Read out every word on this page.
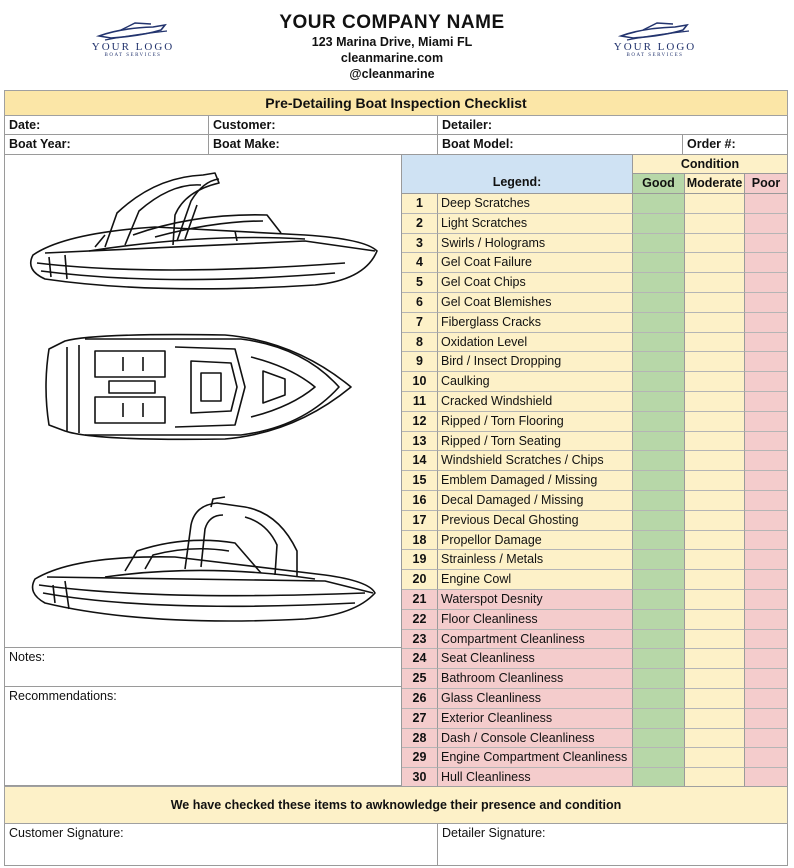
YOUR LOGO
BOAT SERVICES
YOUR COMPANY NAME
123 Marina Drive, Miami FL
cleanmarine.com
@cleanmarine
YOUR LOGO
BOAT SERVICES
Pre-Detailing Boat Inspection Checklist
Date:	Customer:	Detailer:
Boat Year:	Boat Make:	Boat Model:	Order #:
Legend:
Condition
Good Moderate Poor
1	Deep Scratches
2	Light Scratches
3	Swirls / Holograms
4	Gel Coat Failure
5	Gel Coat Chips
6	Gel Coat Blemishes
7	Fiberglass Cracks
8	Oxidation Level
9	Bird / Insect Dropping
10	Caulking
11	Cracked Windshield
12	Ripped / Torn Flooring
13	Ripped / Torn Seating
14	Windshield Scratches / Chips
15	Emblem Damaged / Missing
16	Decal Damaged / Missing
17	Previous Decal Ghosting
18	Propellor Damage
19	Strainless / Metals
20	Engine Cowl
21	Waterspot Desnity
22	Floor Cleanliness
23	Compartment Cleanliness
24	Seat Cleanliness
25	Bathroom Cleanliness
26	Glass Cleanliness
27	Exterior Cleanliness
28	Dash / Console Cleanliness
29	Engine Compartment Cleanliness
30	Hull Cleanliness
Notes:
Recommendations:
We have checked these items to awknowledge their presence and condition
Customer Signature:	Detailer Signature:
